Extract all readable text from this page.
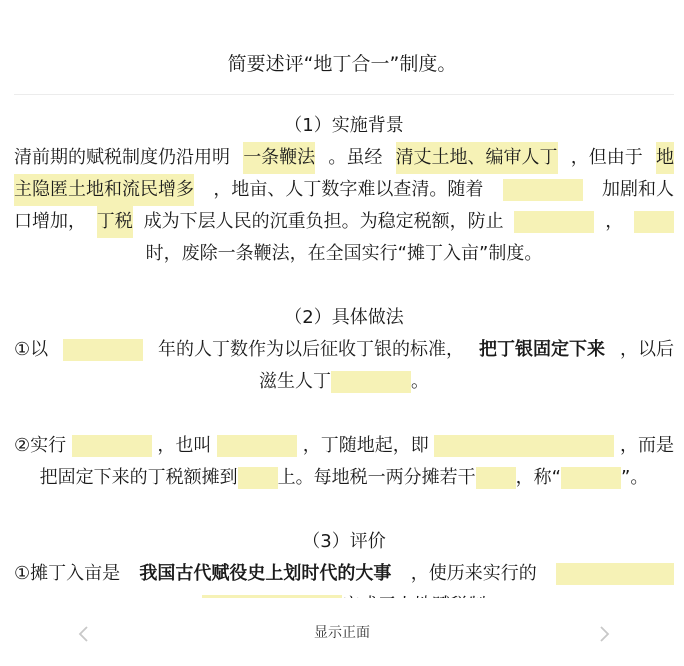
简要述评“地丁合一”制度。
（1）实施背景
清前期的赋税制度仍沿用明 一条鞭法 。虽经 清丈土地、编审人丁 ，但由于 地
主隐匿土地和流民增多 ，地亩、人丁数字难以查清。随着	加剧和人
口增加， 丁税 成为下层人民的沉重负担。为稳定税额，防止	，
时，废除一条鞭法，在全国实行“摊丁入亩”制度。
（2）具体做法
①以	年的人丁数作为以后征收丁银的标准， 把丁银固定下来 ，以后
滋生人丁	。
②实行	，也叫	，丁随地起，即	，而是
把固定下来的丁税额摊到 上。每地税一两分摊若干 ，称“	”。
（3）评价
①摊丁入亩是 我国古代赋役史上划时代的大事 ，使历来实行的
显示正面
